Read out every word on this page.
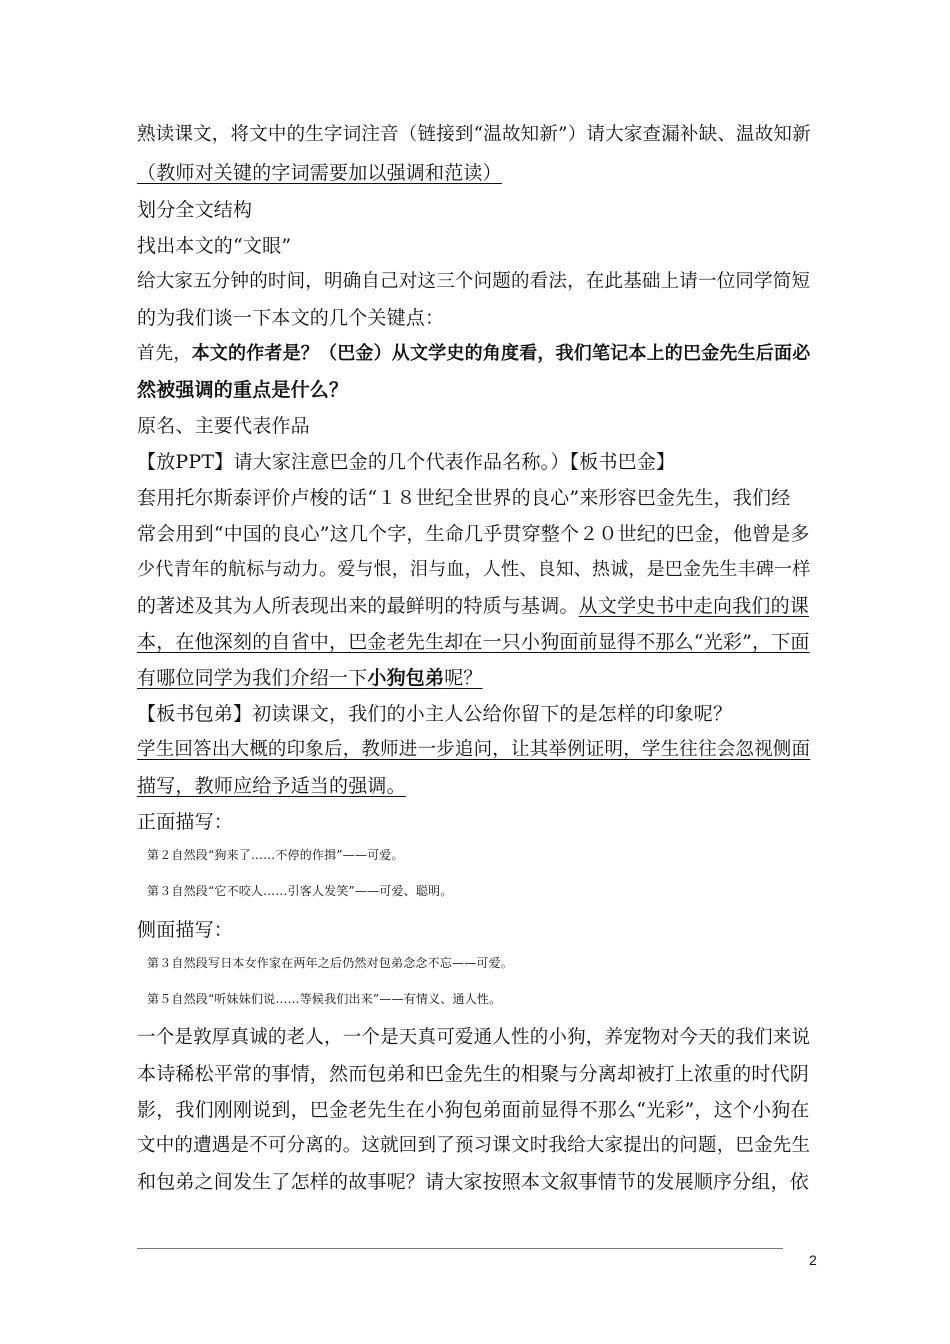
熟读课文，将文中的生字词注音（链接到“温故知新”）请大家查漏补缺、温故知新
（教师对关键的字词需要加以强调和范读）
划分全文结构
找出本文的“文眼”
给大家五分钟的时间，明确自己对这三个问题的看法，在此基础上请一位同学简短
的为我们谈一下本文的几个关键点：
首先，本文的作者是？（巴金）从文学史的角度看，我们笔记本上的巴金先生后面必
然被强调的重点是什么？
原名、主要代表作品
【放PPT】请大家注意巴金的几个代表作品名称。）【板书巴金】
套用托尔斯泰评价卢梭的话“１８世纪全世界的良心”来形容巴金先生，我们经
常会用到“中国的良心”这几个字，生命几乎贯穿整个２０世纪的巴金，他曾是多
少代青年的航标与动力。爱与恨，泪与血，人性、良知、热诚，是巴金先生丰碑一样
的著述及其为人所表现出来的最鲜明的特质与基调。从文学史书中走向我们的课
本，在他深刻的自省中，巴金老先生却在一只小狗面前显得不那么“光彩”，下面
有哪位同学为我们介绍一下小狗包弟呢？
【板书包弟】初读课文，我们的小主人公给你留下的是怎样的印象呢？
学生回答出大概的印象后，教师进一步追问，让其举例证明，学生往往会忽视侧面
描写，教师应给予适当的强调。
正面描写：
第２自然段“狗来了……不停的作揖”——可爱。
第３自然段“它不咬人……引客人发笑”——可爱、聪明。
侧面描写：
第３自然段写日本女作家在两年之后仍然对包弟念念不忘——可爱。
第５自然段“听妹妹们说……等候我们出来”——有情义、通人性。
一个是敦厚真诚的老人，一个是天真可爱通人性的小狗，养宠物对今天的我们来说
本诗稀松平常的事情，然而包弟和巴金先生的相聚与分离却被打上浓重的时代阴
影，我们刚刚说到，巴金老先生在小狗包弟面前显得不那么“光彩”，这个小狗在
文中的遭遇是不可分离的。这就回到了预习课文时我给大家提出的问题，巴金先生
和包弟之间发生了怎样的故事呢？请大家按照本文叙事情节的发展顺序分组，依
2
